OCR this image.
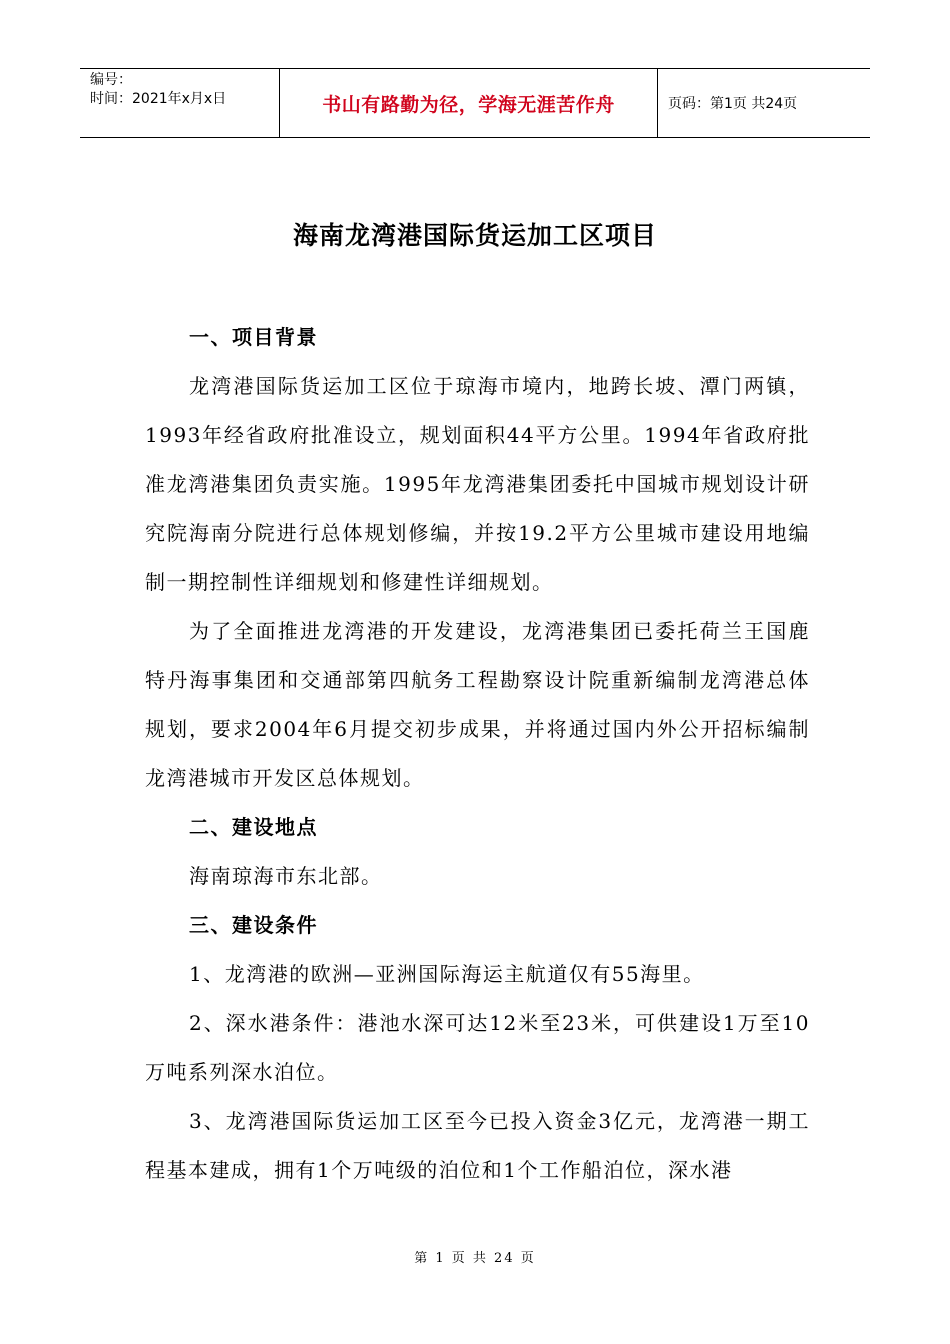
编号：
时间：2021年x月x日	书山有路勤为径，学海无涯苦作舟	页码：第1页 共24页
海南龙湾港国际货运加工区项目
一、项目背景

龙湾港国际货运加工区位于琼海市境内，地跨长坡、潭门两镇，1993年经省政府批准设立，规划面积44平方公里。1994年省政府批准龙湾港集团负责实施。1995年龙湾港集团委托中国城市规划设计研究院海南分院进行总体规划修编，并按19.2平方公里城市建设用地编制一期控制性详细规划和修建性详细规划。

为了全面推进龙湾港的开发建设，龙湾港集团已委托荷兰王国鹿特丹海事集团和交通部第四航务工程勘察设计院重新编制龙湾港总体规划，要求2004年6月提交初步成果，并将通过国内外公开招标编制龙湾港城市开发区总体规划。

二、建设地点

海南琼海市东北部。

三、建设条件

1、龙湾港的欧洲—亚洲国际海运主航道仅有55海里。

2、深水港条件：港池水深可达12米至23米，可供建设1万至10万吨系列深水泊位。

3、龙湾港国际货运加工区至今已投入资金3亿元，龙湾港一期工程基本建成，拥有1个万吨级的泊位和1个工作船泊位，深水港

第 1 页 共 24 页
